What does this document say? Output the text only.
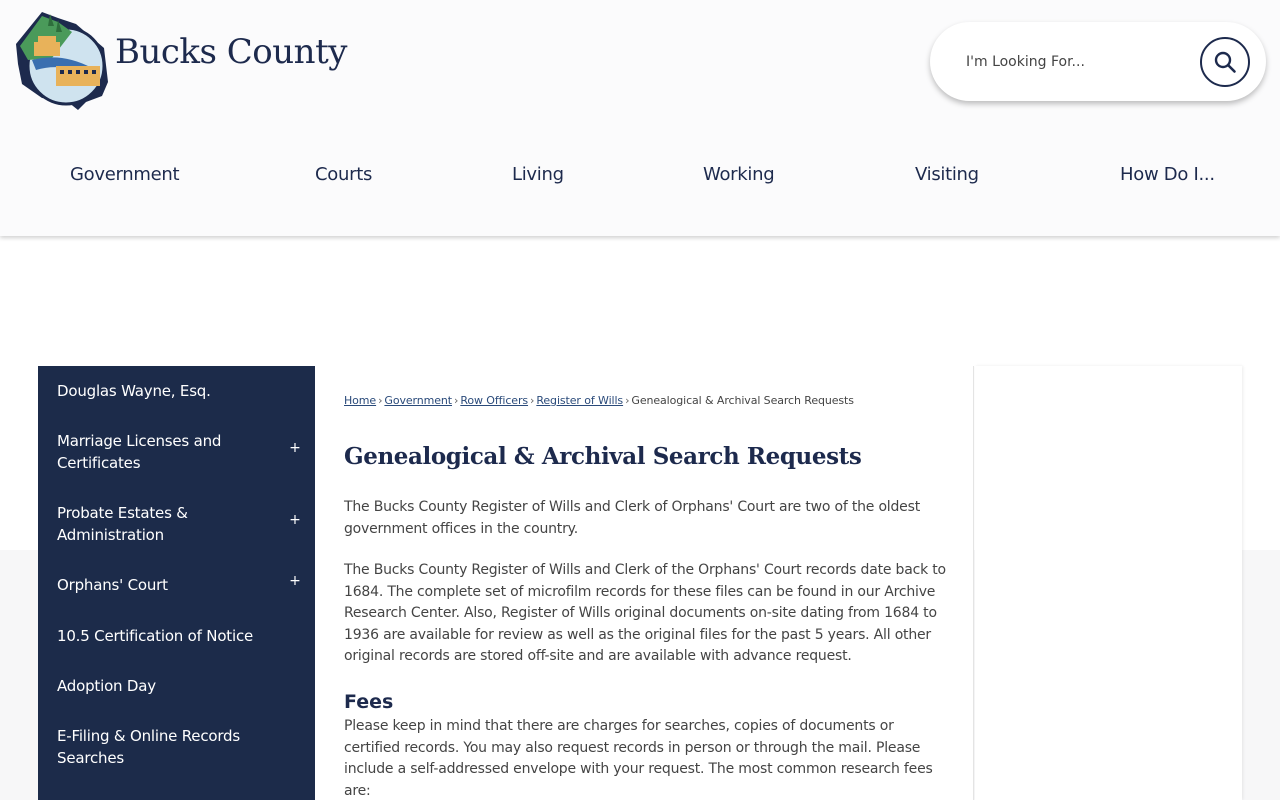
Bucks County
I'm Looking For...
Government	Courts	Living	Working	Visiting	How Do I...
Douglas Wayne, Esq.
Marriage Licenses and Certificates
+
Probate Estates & Administration
+
Orphans' Court	+
10.5 Certification of Notice
Adoption Day
E-Filing & Online Records Searches
Home › Government › Row Officers › Register of Wills › Genealogical & Archival Search Requests
Genealogical & Archival Search Requests

The Bucks County Register of Wills and Clerk of Orphans' Court are two of the oldest government offices in the country.

The Bucks County Register of Wills and Clerk of the Orphans' Court records date back to 1684. The complete set of microfilm records for these files can be found in our Archive Research Center. Also, Register of Wills original documents on-site dating from 1684 to 1936 are available for review as well as the original files for the past 5 years. All other original records are stored off-site and are available with advance request.

Fees

Please keep in mind that there are charges for searches, copies of documents or certified records. You may also request records in person or through the mail. Please include a self-addressed envelope with your request. The most common research fees are:
